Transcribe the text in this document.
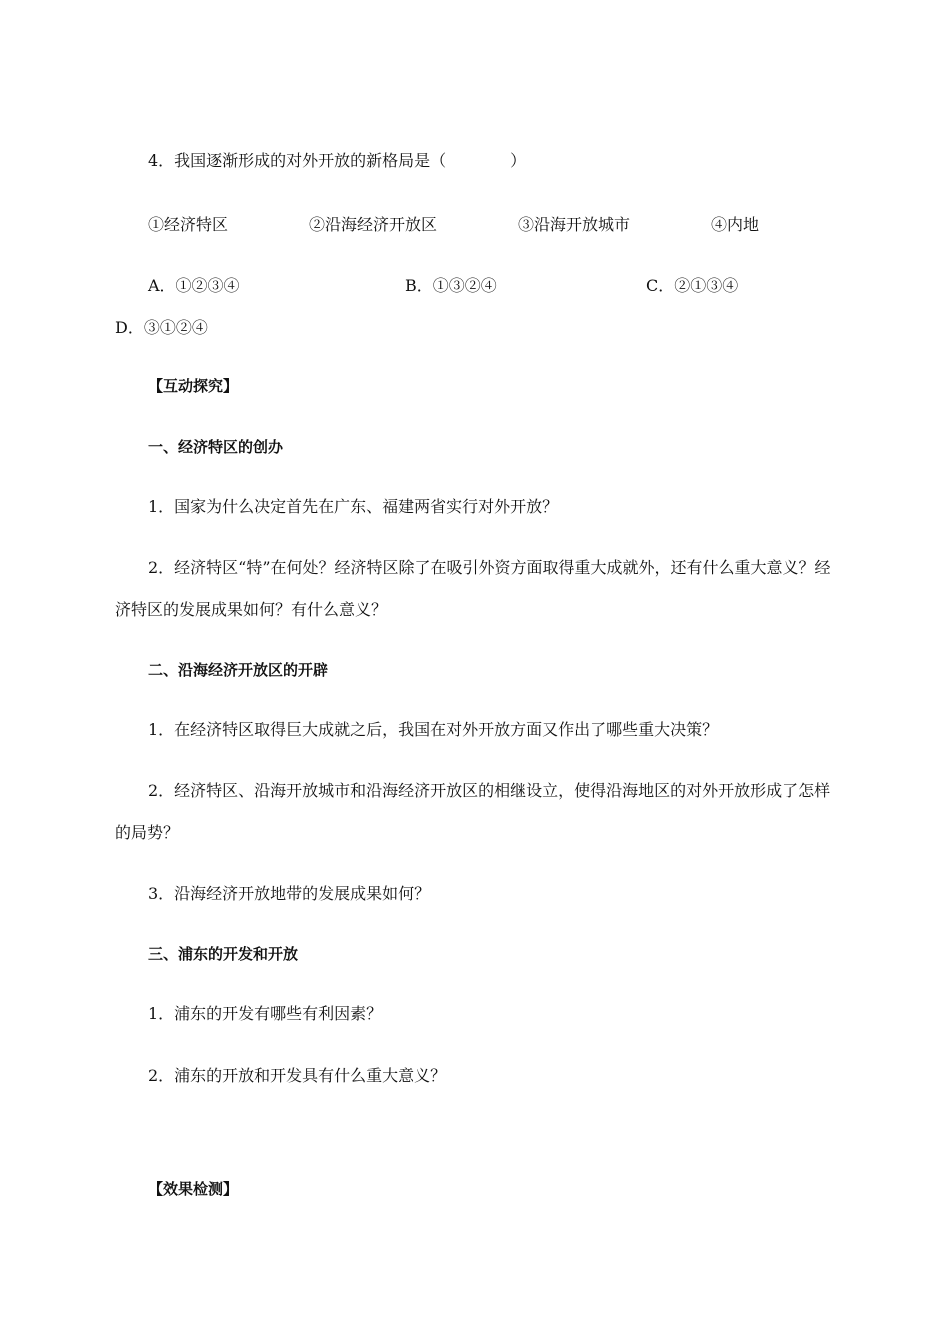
4．我国逐渐形成的对外开放的新格局是（　　　　）
①经济特区	②沿海经济开放区	③沿海开放城市	④内地
A．①②③④	B．①③②④	C．②①③④
D．③①②④
【互动探究】
一、经济特区的创办
1．国家为什么决定首先在广东、福建两省实行对外开放？
2．经济特区“特”在何处？经济特区除了在吸引外资方面取得重大成就外，还有什么重大意义？经济特区的发展成果如何？有什么意义？
二、沿海经济开放区的开辟
1．在经济特区取得巨大成就之后，我国在对外开放方面又作出了哪些重大决策？
2．经济特区、沿海开放城市和沿海经济开放区的相继设立，使得沿海地区的对外开放形成了怎样的局势？
3．沿海经济开放地带的发展成果如何？
三、浦东的开发和开放
1．浦东的开发有哪些有利因素？
2．浦东的开放和开发具有什么重大意义？
【效果检测】
